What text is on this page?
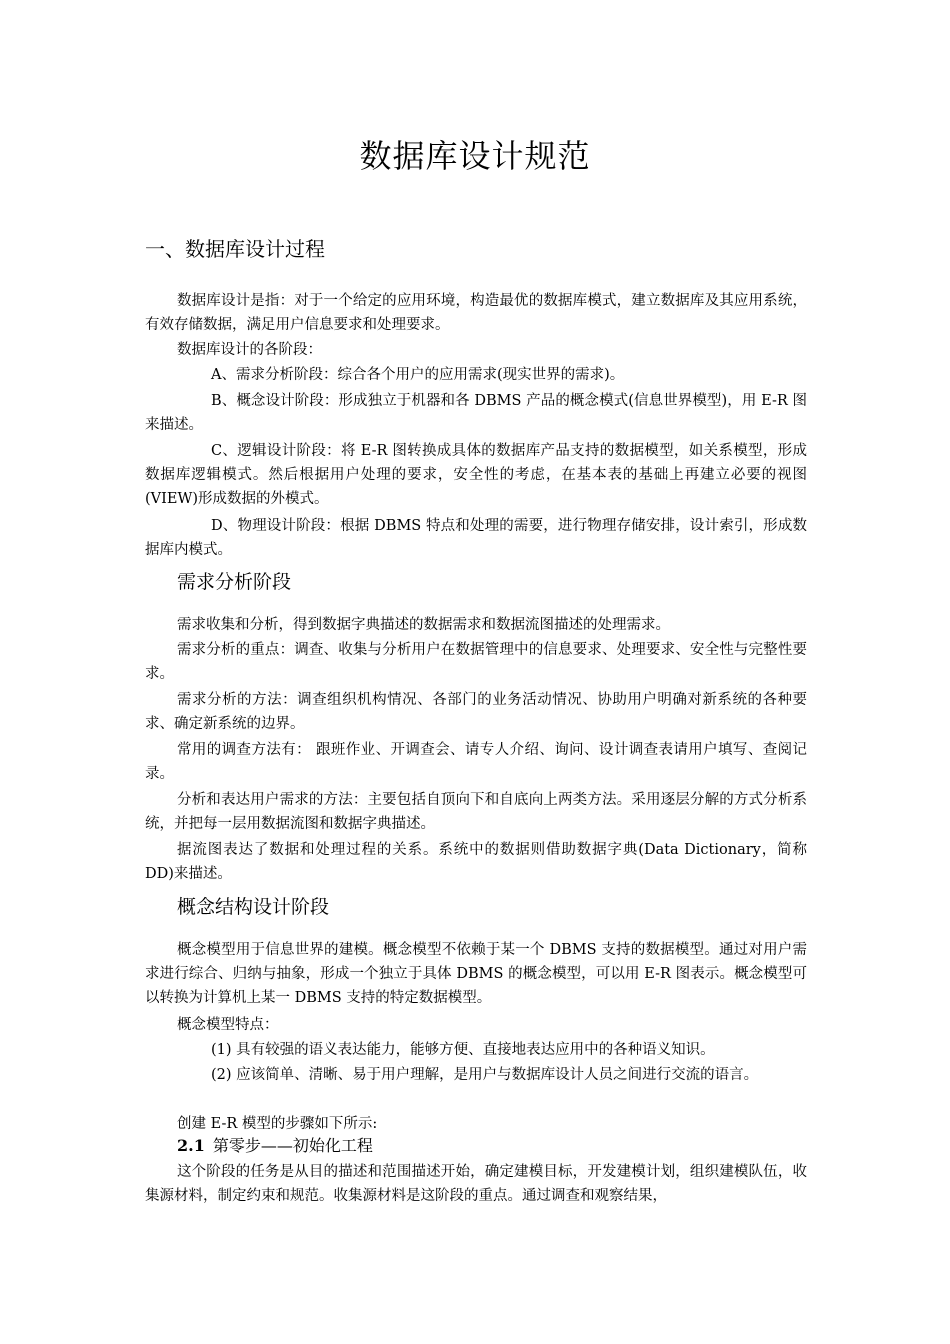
数据库设计规范
一、数据库设计过程

数据库设计是指：对于一个给定的应用环境，构造最优的数据库模式，建立数据库及其应用系统，有效存储数据，满足用户信息要求和处理要求。

数据库设计的各阶段：

A、需求分析阶段：综合各个用户的应用需求(现实世界的需求)。

B、概念设计阶段：形成独立于机器和各 DBMS 产品的概念模式(信息世界模型)，用 E-R 图来描述。

C、逻辑设计阶段：将 E-R 图转换成具体的数据库产品支持的数据模型，如关系模型，形成数据库逻辑模式。然后根据用户处理的要求，安全性的考虑，在基本表的基础上再建立必要的视图(VIEW)形成数据的外模式。

D、物理设计阶段：根据 DBMS 特点和处理的需要，进行物理存储安排，设计索引，形成数据库内模式。

需求分析阶段

需求收集和分析，得到数据字典描述的数据需求和数据流图描述的处理需求。

需求分析的重点：调查、收集与分析用户在数据管理中的信息要求、处理要求、安全性与完整性要求。

需求分析的方法：调查组织机构情况、各部门的业务活动情况、协助用户明确对新系统的各种要求、确定新系统的边界。

常用的调查方法有： 跟班作业、开调查会、请专人介绍、询问、设计调查表请用户填写、查阅记录。

分析和表达用户需求的方法：主要包括自顶向下和自底向上两类方法。采用逐层分解的方式分析系统，并把每一层用数据流图和数据字典描述。

据流图表达了数据和处理过程的关系。系统中的数据则借助数据字典(Data Dictionary，简称 DD)来描述。

概念结构设计阶段

概念模型用于信息世界的建模。概念模型不依赖于某一个 DBMS 支持的数据模型。通过对用户需求进行综合、归纳与抽象，形成一个独立于具体 DBMS 的概念模型，可以用 E-R 图表示。概念模型可以转换为计算机上某一 DBMS 支持的特定数据模型。

概念模型特点：

(1) 具有较强的语义表达能力，能够方便、直接地表达应用中的各种语义知识。

(2) 应该简单、清晰、易于用户理解，是用户与数据库设计人员之间进行交流的语言。

创建 E-R 模型的步骤如下所示:

2.1 第零步——初始化工程

这个阶段的任务是从目的描述和范围描述开始，确定建模目标，开发建模计划，组织建模队伍，收集源材料，制定约束和规范。收集源材料是这阶段的重点。通过调查和观察结果，
